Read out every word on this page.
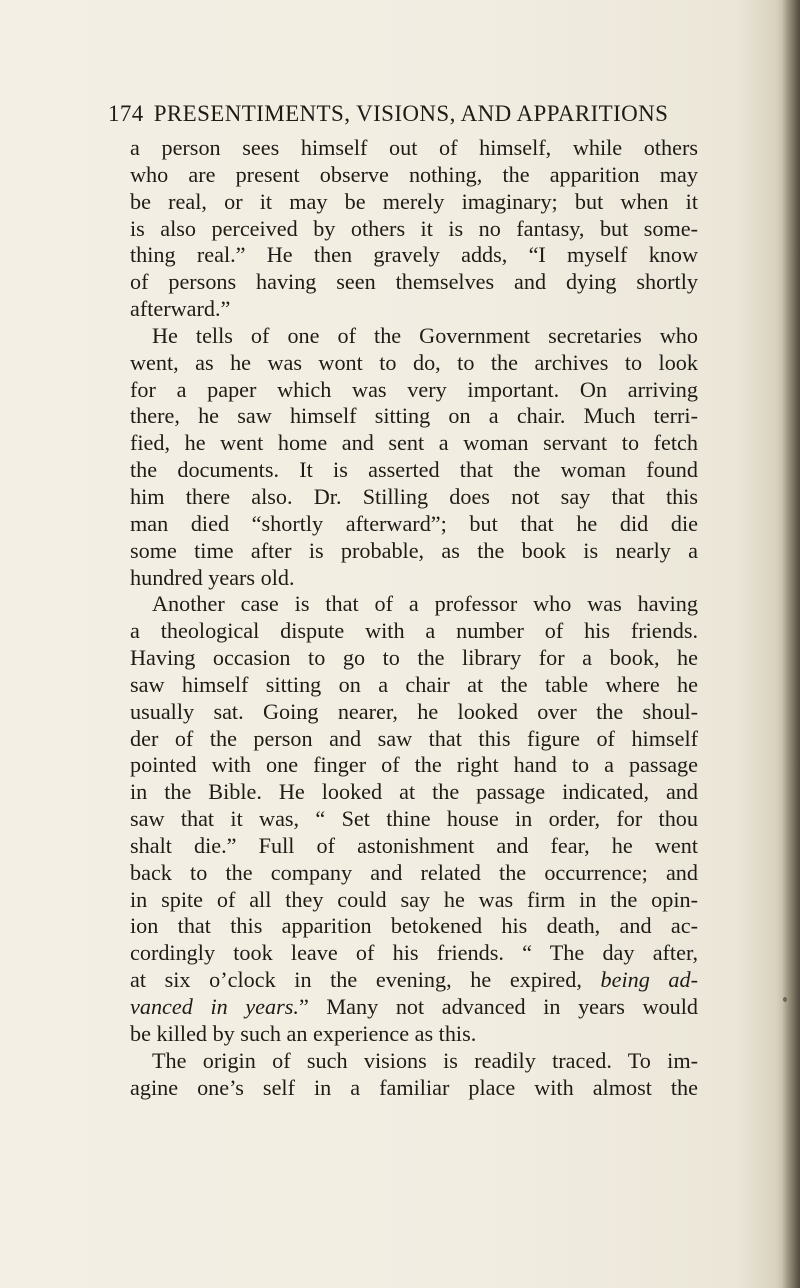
174 PRESENTIMENTS, VISIONS, AND APPARITIONS
a person sees himself out of himself, while others
who are present observe nothing, the apparition may
be real, or it may be merely imaginary; but when it
is also perceived by others it is no fantasy, but some-
thing real.” He then gravely adds, “I myself know
of persons having seen themselves and dying shortly
afterward.”
He tells of one of the Government secretaries who
went, as he was wont to do, to the archives to look
for a paper which was very important. On arriving
there, he saw himself sitting on a chair. Much terri-
fied, he went home and sent a woman servant to fetch
the documents. It is asserted that the woman found
him there also. Dr. Stilling does not say that this
man died “shortly afterward”; but that he did die
some time after is probable, as the book is nearly a
hundred years old.
Another case is that of a professor who was having
a theological dispute with a number of his friends.
Having occasion to go to the library for a book, he
saw himself sitting on a chair at the table where he
usually sat. Going nearer, he looked over the shoul-
der of the person and saw that this figure of himself
pointed with one finger of the right hand to a passage
in the Bible. He looked at the passage indicated, and
saw that it was, “ Set thine house in order, for thou
shalt die.” Full of astonishment and fear, he went
back to the company and related the occurrence; and
in spite of all they could say he was firm in the opin-
ion that this apparition betokened his death, and ac-
cordingly took leave of his friends. “ The day after,
at six o’clock in the evening, he expired, being ad-
vanced in years.” Many not advanced in years would
be killed by such an experience as this.
The origin of such visions is readily traced. To im-
agine one’s self in a familiar place with almost the
